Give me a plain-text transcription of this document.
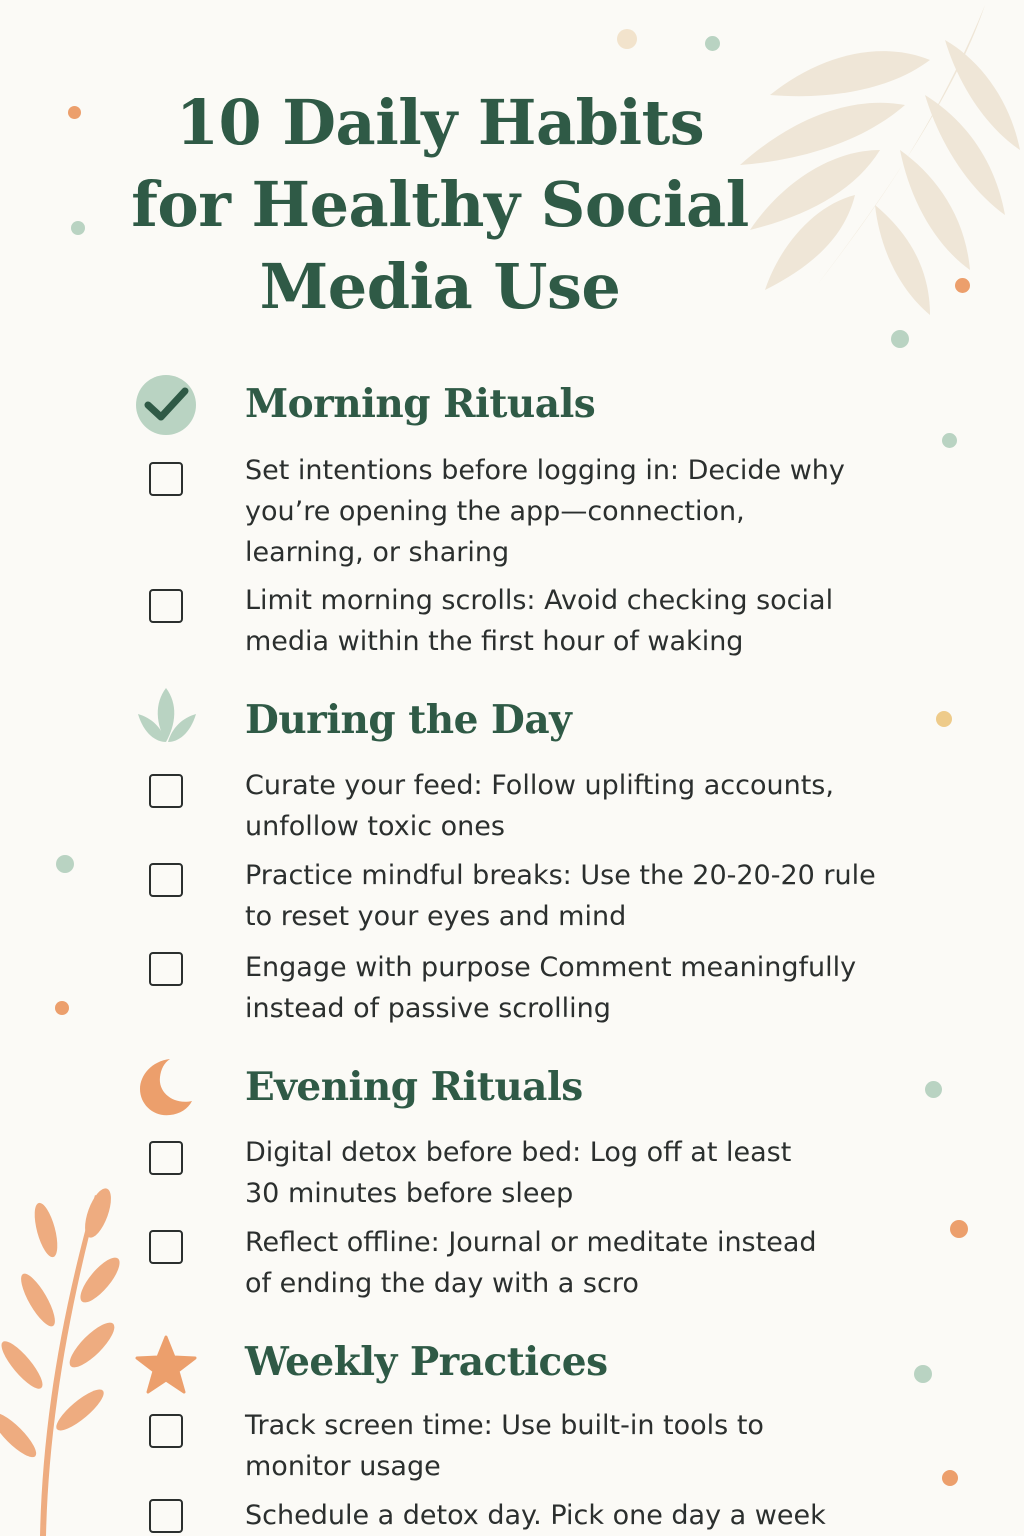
10 Daily Habits
for Healthy Social
Media Use
Morning Rituals

Set intentions before logging in: Decide why
you’re opening the app—connection,
learning, or sharing

Limit morning scrolls: Avoid checking social
media within the first hour of waking

During the Day

Curate your feed: Follow uplifting accounts,
unfollow toxic ones

Practice mindful breaks: Use the 20-20-20 rule
to reset your eyes and mind

Engage with purpose Comment meaningfully
instead of passive scrolling

Evening Rituals

Digital detox before bed: Log off at least
30 minutes before sleep

Reflect offline: Journal or meditate instead
of ending the day with a scro

Weekly Practices

Track screen time: Use built-in tools to
monitor usage

Schedule a detox day. Pick one day a week
